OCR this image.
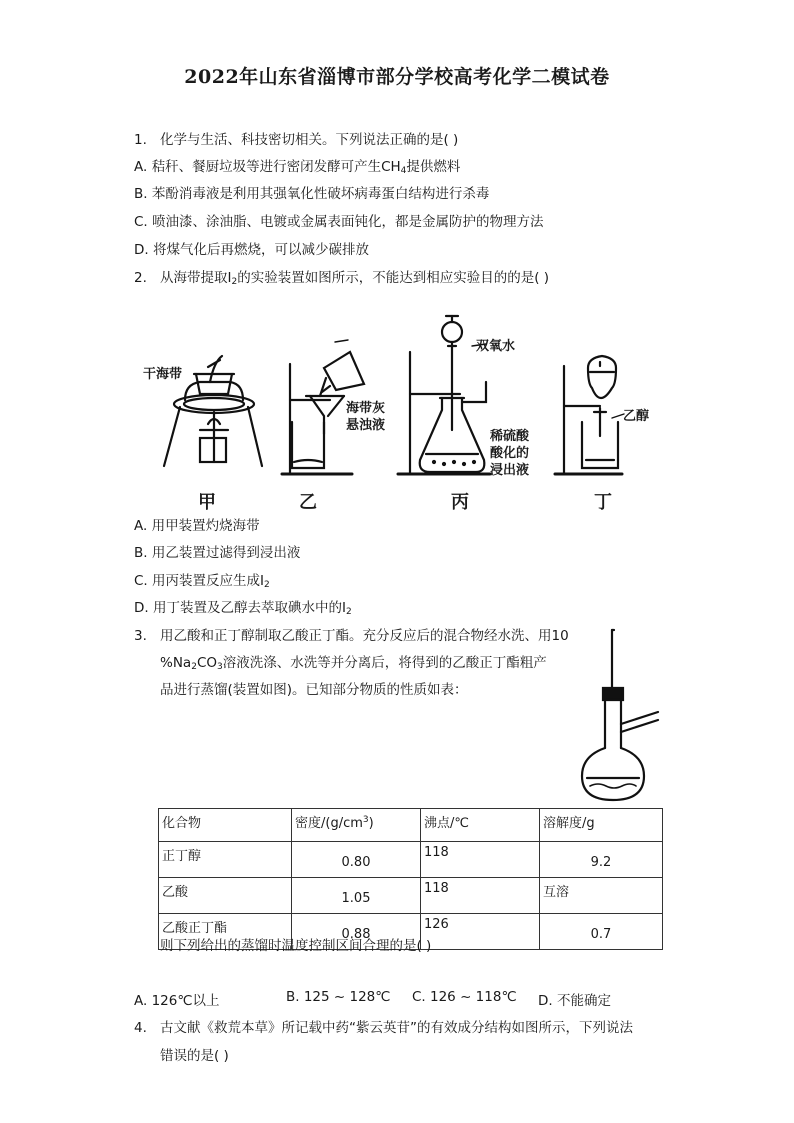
2022年山东省淄博市部分学校高考化学二模试卷
1. 化学与生活、科技密切相关。下列说法正确的是( )
A. 秸秆、餐厨垃圾等进行密闭发酵可产生$CH_4$提供燃料
B. 苯酚消毒液是利用其强氧化性破坏病毒蛋白结构进行杀毒
C. 喷油漆、涂油脂、电镀或金属表面钝化，都是金属防护的物理方法
D. 将煤气化后再燃烧，可以减少碳排放
2. 从海带提取$I_2$的实验装置如图所示，不能达到相应实验目的的是( )
干海带
海带灰
悬浊液
双氧水
稀硫酸
酸化的
浸出液
乙醇
甲	乙	丙	丁
A. 用甲装置灼烧海带
B. 用乙装置过滤得到浸出液
C. 用丙装置反应生成$I_2$
D. 用丁装置及乙醇去萃取碘水中的$I_2$
3. 用乙酸和正丁醇制取乙酸正丁酯。充分反应后的混合物经水洗、用10
$\%Na_2CO_3$溶液洗涤、水洗等并分离后，将得到的乙酸正丁酯粗产
品进行蒸馏(装置如图)。已知部分物质的性质如表：
化合物	密度$/(g/cm^3)$	沸点/℃	溶解度/g
正丁醇	0.80	118	9.2
乙酸	1.05	118	互溶
乙酸正丁酯	0.88	126	0.7
则下列给出的蒸馏时温度控制区间合理的是( )
A. 126℃以上	B. 125 ~ 128℃ C. 126 ~ 118℃ D. 不能确定
4. 古文献《救荒本草》所记载中药“紫云英苷”的有效成分结构如图所示，下列说法
错误的是( )
